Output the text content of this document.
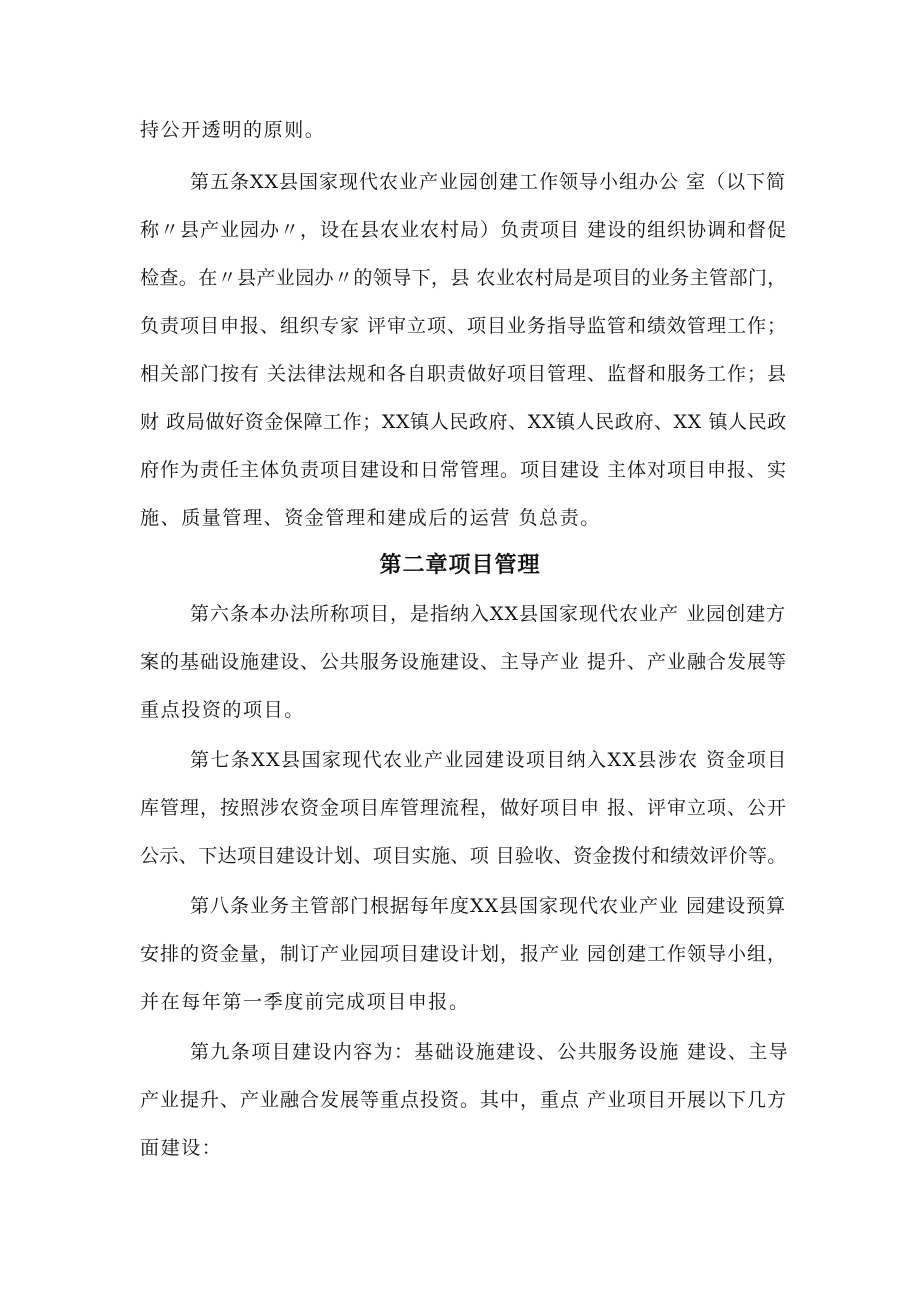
持公开透明的原则。
第五条XX县国家现代农业产业园创建工作领导小组办公 室（以下简
称〃县产业园办〃，设在县农业农村局）负责项目 建设的组织协调和督促
检查。在〃县产业园办〃的领导下，县 农业农村局是项目的业务主管部门，
负责项目申报、组织专家 评审立项、项目业务指导监管和绩效管理工作；
相关部门按有 关法律法规和各自职责做好项目管理、监督和服务工作；县
财 政局做好资金保障工作；XX镇人民政府、XX镇人民政府、XX 镇人民政
府作为责任主体负责项目建设和日常管理。项目建设 主体对项目申报、实
施、质量管理、资金管理和建成后的运营 负总责。
第二章项目管理
第六条本办法所称项目，是指纳入XX县国家现代农业产 业园创建方
案的基础设施建设、公共服务设施建设、主导产业 提升、产业融合发展等
重点投资的项目。
第七条XX县国家现代农业产业园建设项目纳入XX县涉农 资金项目
库管理，按照涉农资金项目库管理流程，做好项目申 报、评审立项、公开
公示、下达项目建设计划、项目实施、项 目验收、资金拨付和绩效评价等。
第八条业务主管部门根据每年度XX县国家现代农业产业 园建设预算
安排的资金量，制订产业园项目建设计划，报产业 园创建工作领导小组，
并在每年第一季度前完成项目申报。
第九条项目建设内容为：基础设施建设、公共服务设施 建设、主导
产业提升、产业融合发展等重点投资。其中，重点 产业项目开展以下几方
面建设：
